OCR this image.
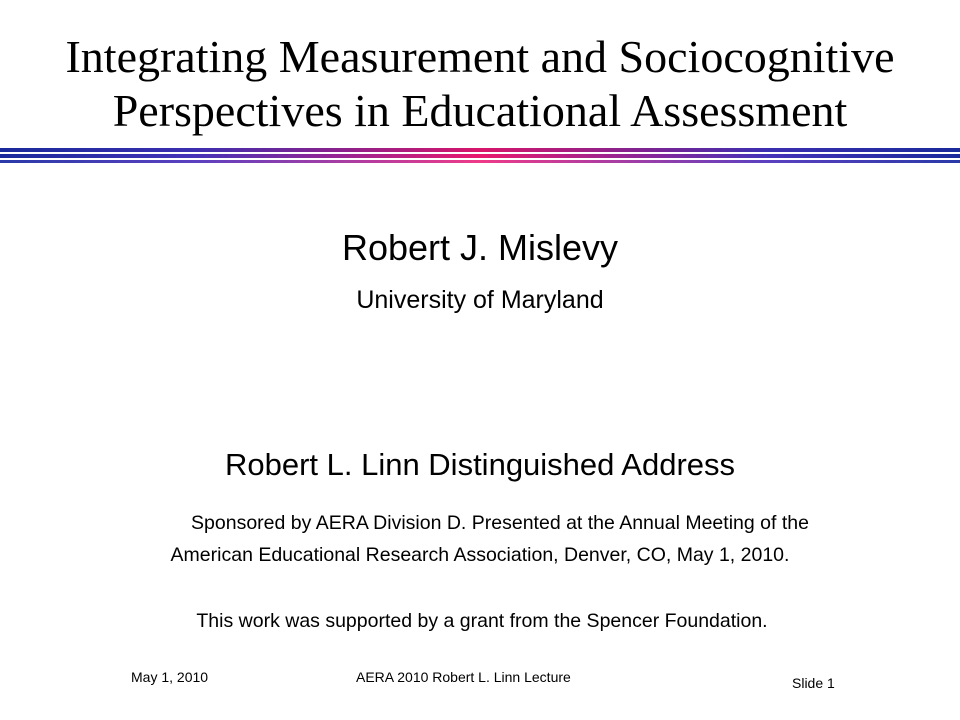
Integrating Measurement and Sociocognitive
Perspectives in Educational Assessment
Robert J. Mislevy
University of Maryland
Robert L. Linn Distinguished Address
Sponsored by AERA Division D. Presented at the Annual Meeting of the
American Educational Research Association, Denver, CO, May 1, 2010.
This work was supported by a grant from the Spencer Foundation.
May 1, 2010	AERA 2010 Robert L. Linn Lecture	Slide 1
